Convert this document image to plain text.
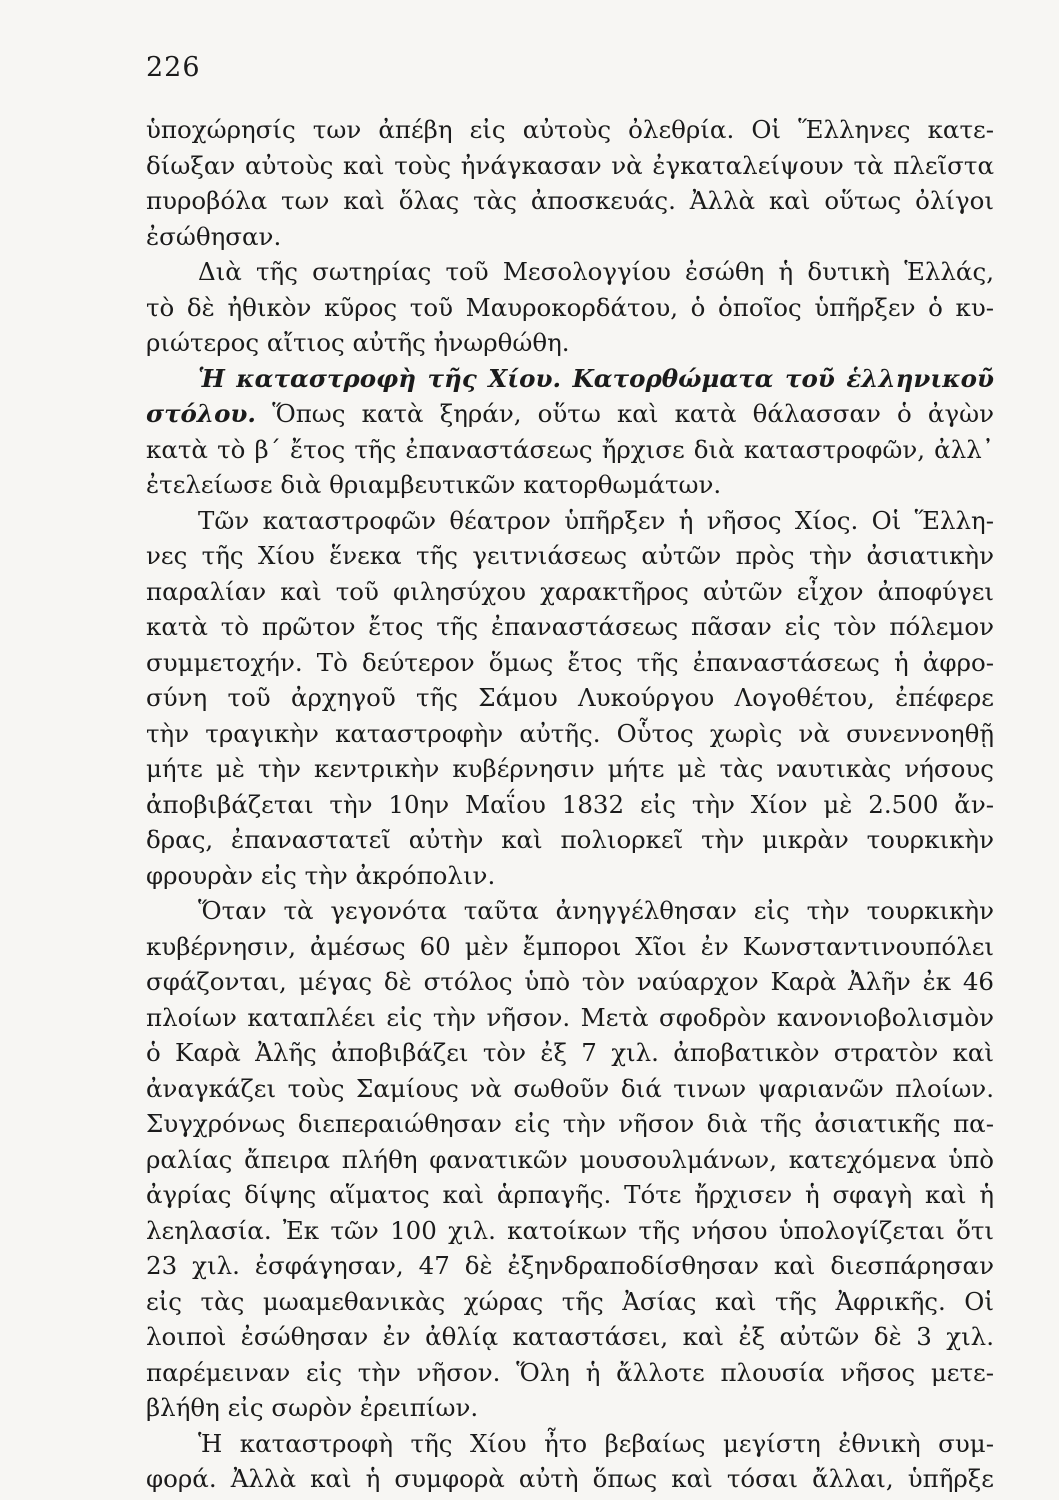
226
ὑποχώρησίς των ἀπέβη εἰς αὐτοὺς ὀλεθρία. Οἱ Ἕλληνες κατε-
δίωξαν αὐτοὺς καὶ τοὺς ἠνάγκασαν νὰ ἐγκαταλείψουν τὰ πλεῖστα
πυροβόλα των καὶ ὅλας τὰς ἀποσκευάς. Ἀλλὰ καὶ οὕτως ὀλίγοι
ἐσώθησαν.
Διὰ τῆς σωτηρίας τοῦ Μεσολογγίου ἐσώθη ἡ δυτικὴ Ἑλλάς,
τὸ δὲ ἠθικὸν κῦρος τοῦ Μαυροκορδάτου, ὁ ὁποῖος ὑπῆρξεν ὁ κυ-
ριώτερος αἴτιος αὐτῆς ἠνωρθώθη.
Ἡ καταστροφὴ τῆς Χίου. Κατορθώματα τοῦ ἑλληνικοῦ
στόλου. Ὅπως κατὰ ξηράν, οὕτω καὶ κατὰ θάλασσαν ὁ ἀγὼν
κατὰ τὸ β΄ ἔτος τῆς ἐπαναστάσεως ἤρχισε διὰ καταστροφῶν, ἀλλ᾽
ἐτελείωσε διὰ θριαμβευτικῶν κατορθωμάτων.
Τῶν καταστροφῶν θέατρον ὑπῆρξεν ἡ νῆσος Χίος. Οἱ Ἕλλη-
νες τῆς Χίου ἕνεκα τῆς γειτνιάσεως αὐτῶν πρὸς τὴν ἀσιατικὴν
παραλίαν καὶ τοῦ φιλησύχου χαρακτῆρος αὐτῶν εἶχον ἀποφύγει
κατὰ τὸ πρῶτον ἔτος τῆς ἐπαναστάσεως πᾶσαν εἰς τὸν πόλεμον
συμμετοχήν. Τὸ δεύτερον ὅμως ἔτος τῆς ἐπαναστάσεως ἡ ἀφρο-
σύνη τοῦ ἀρχηγοῦ τῆς Σάμου Λυκούργου Λογοθέτου, ἐπέφερε
τὴν τραγικὴν καταστροφὴν αὐτῆς. Οὗτος χωρὶς νὰ συνεννοηθῇ
μήτε μὲ τὴν κεντρικὴν κυβέρνησιν μήτε μὲ τὰς ναυτικὰς νήσους
ἀποβιβάζεται τὴν 10ην Μαΐου 1832 εἰς τὴν Χίον μὲ 2.500 ἄν-
δρας, ἐπαναστατεῖ αὐτὴν καὶ πολιορκεῖ τὴν μικρὰν τουρκικὴν
φρουρὰν εἰς τὴν ἀκρόπολιν.
Ὅταν τὰ γεγονότα ταῦτα ἀνηγγέλθησαν εἰς τὴν τουρκικὴν
κυβέρνησιν, ἀμέσως 60 μὲν ἔμποροι Χῖοι ἐν Κωνσταντινουπόλει
σφάζονται, μέγας δὲ στόλος ὑπὸ τὸν ναύαρχον Καρὰ Ἀλῆν ἐκ 46
πλοίων καταπλέει εἰς τὴν νῆσον. Μετὰ σφοδρὸν κανονιοβολισμὸν
ὁ Καρὰ Ἀλῆς ἀποβιβάζει τὸν ἐξ 7 χιλ. ἀποβατικὸν στρατὸν καὶ
ἀναγκάζει τοὺς Σαμίους νὰ σωθοῦν διά τινων ψαριανῶν πλοίων.
Συγχρόνως διεπεραιώθησαν εἰς τὴν νῆσον διὰ τῆς ἀσιατικῆς πα-
ραλίας ἄπειρα πλήθη φανατικῶν μουσουλμάνων, κατεχόμενα ὑπὸ
ἀγρίας δίψης αἵματος καὶ ἁρπαγῆς. Τότε ἤρχισεν ἡ σφαγὴ καὶ ἡ
λεηλασία. Ἐκ τῶν 100 χιλ. κατοίκων τῆς νήσου ὑπολογίζεται ὅτι
23 χιλ. ἐσφάγησαν, 47 δὲ ἐξηνδραποδίσθησαν καὶ διεσπάρησαν
εἰς τὰς μωαμεθανικὰς χώρας τῆς Ἀσίας καὶ τῆς Ἀφρικῆς. Οἱ
λοιποὶ ἐσώθησαν ἐν ἀθλίᾳ καταστάσει, καὶ ἐξ αὐτῶν δὲ 3 χιλ.
παρέμειναν εἰς τὴν νῆσον. Ὅλη ἡ ἄλλοτε πλουσία νῆσος μετε-
βλήθη εἰς σωρὸν ἐρειπίων.
Ἡ καταστροφὴ τῆς Χίου ἦτο βεβαίως μεγίστη ἐθνικὴ συμ-
φορά. Ἀλλὰ καὶ ἡ συμφορὰ αὐτὴ ὅπως καὶ τόσαι ἄλλαι, ὑπῆρξε
